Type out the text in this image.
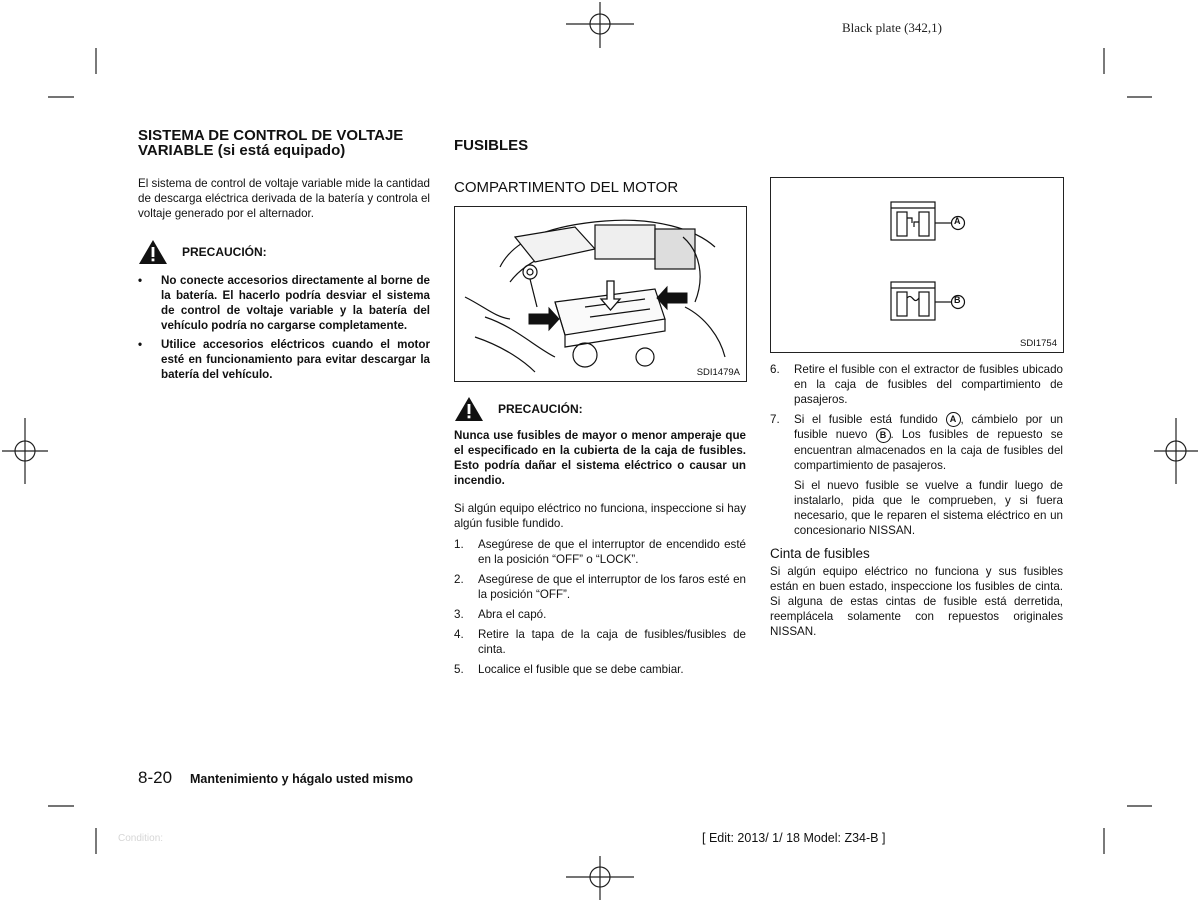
Black plate (342,1)
SISTEMA DE CONTROL DE VOLTAJE VARIABLE (si está equipado)

El sistema de control de voltaje variable mide la cantidad de descarga eléctrica derivada de la batería y controla el voltaje generado por el alternador.

PRECAUCIÓN:
• No conecte accesorios directamente al borne de la batería. El hacerlo podría desviar el sistema de control de voltaje variable y la batería del vehículo podría no cargarse completamente.
• Utilice accesorios eléctricos cuando el motor esté en funcionamiento para evitar descargar la batería del vehículo.
FUSIBLES
COMPARTIMENTO DEL MOTOR
SDI1479A
PRECAUCIÓN:

Nunca use fusibles de mayor o menor amperaje que el especificado en la cubierta de la caja de fusibles. Esto podría dañar el sistema eléctrico o causar un incendio.

Si algún equipo eléctrico no funciona, inspeccione si hay algún fusible fundido.

1. Asegúrese de que el interruptor de encendido esté en la posición “OFF” o “LOCK”.
2. Asegúrese de que el interruptor de los faros esté en la posición “OFF”.
3. Abra el capó.
4. Retire la tapa de la caja de fusibles/fusibles de cinta.
5. Localice el fusible que se debe cambiar.
A
B
SDI1754
6. Retire el fusible con el extractor de fusibles ubicado en la caja de fusibles del compartimiento de pasajeros.
7. Si el fusible está fundido A , cámbielo por un fusible nuevo B . Los fusibles de repuesto se encuentran almacenados en la caja de fusibles del compartimiento de pasajeros.

Si el nuevo fusible se vuelve a fundir luego de instalarlo, pida que le comprueben, y si fuera necesario, que le reparen el sistema eléctrico en un concesionario NISSAN.

Cinta de fusibles

Si algún equipo eléctrico no funciona y sus fusibles están en buen estado, inspeccione los fusibles de cinta. Si alguna de estas cintas de fusible está derretida, reemplácela solamente con repuestos originales NISSAN.

8-20 Mantenimiento y hágalo usted mismo
Condition:	[ Edit: 2013/ 1/ 18 Model: Z34-B ]
